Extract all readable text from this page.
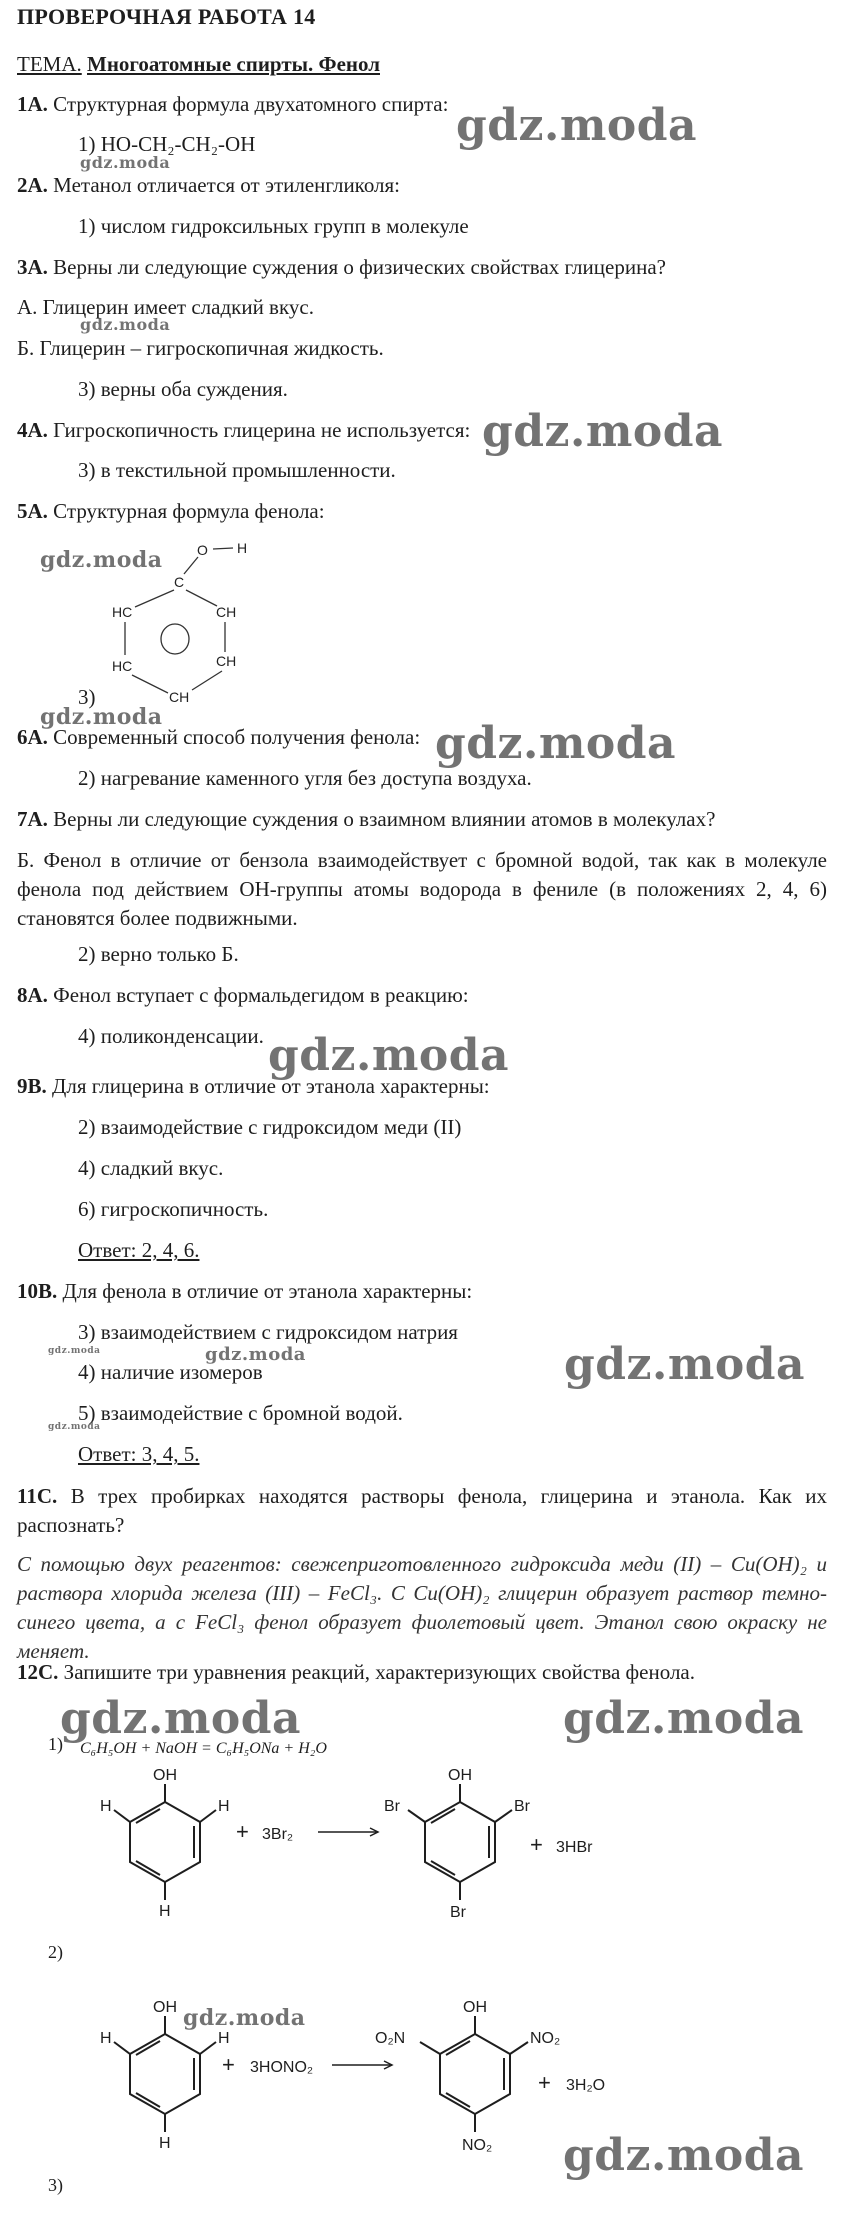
ПРОВЕРОЧНАЯ РАБОТА 14
ТЕМА. Многоатомные спирты. Фенол
1А. Структурная формула двухатомного спирта:
1) HO-CH₂-CH₂-OH
2А. Метанол отличается от этиленгликоля:
1) числом гидроксильных групп в молекуле
3А. Верны ли следующие суждения о физических свойствах глицерина?
А. Глицерин имеет сладкий вкус.
Б. Глицерин – гигроскопичная жидкость.
3) верны оба суждения.
4А. Гигроскопичность глицерина не используется:
3) в текстильной промышленности.
5А. Структурная формула фенола:
O H
C
HC	CH
HC	CH
CH
3)
6А. Современный способ получения фенола:
2) нагревание каменного угля без доступа воздуха.
7А. Верны ли следующие суждения о взаимном влиянии атомов в молекулах?
Б. Фенол в отличие от бензола взаимодействует с бромной водой, так как в молекуле фенола под действием ОН-группы атомы водорода в фениле (в положениях 2, 4, 6) становятся более подвижными.
2) верно только Б.
8А. Фенол вступает с формальдегидом в реакцию:
4) поликонденсации.
9В. Для глицерина в отличие от этанола характерны:
2) взаимодействие с гидроксидом меди (II)
4) сладкий вкус.
6) гигроскопичность.
Ответ: 2, 4, 6.
10В. Для фенола в отличие от этанола характерны:
3) взаимодействием с гидроксидом натрия
4) наличие изомеров
5) взаимодействие с бромной водой.
Ответ: 3, 4, 5.
11С. В трех пробирках находятся растворы фенола, глицерина и этанола. Как их распознать?
С помощью двух реагентов: свежеприготовленного гидроксида меди (II) – Cu(OH)₂ и раствора хлорида железа (III) – FeCl₃. С Cu(OH)₂ глицерин образует раствор темно-синего цвета, а с FeCl₃ фенол образует фиолетовый цвет. Этанол свою окраску не меняет.
12С. Запишите три уравнения реакций, характеризующих свойства фенола.
1) C₆H₅OH + NaOH = C₆H₅ONa + H₂O
OH
H
H
H
+ 3Br₂
OH
Br
Br
Br
+ 3HBr
2)
OH
H
H
H
+ 3HONO₂
OH
NO₂
O₂N
NO₂
+ 3H₂O
3)
gdz.moda
gdz.moda
gdz.moda
gdz.moda
gdz.moda
gdz.moda
gdz.moda
gdz.moda
gdz.moda	gdz.moda	gdz.moda
gdz.moda
gdz.moda	gdz.moda
gdz.moda
gdz.moda
